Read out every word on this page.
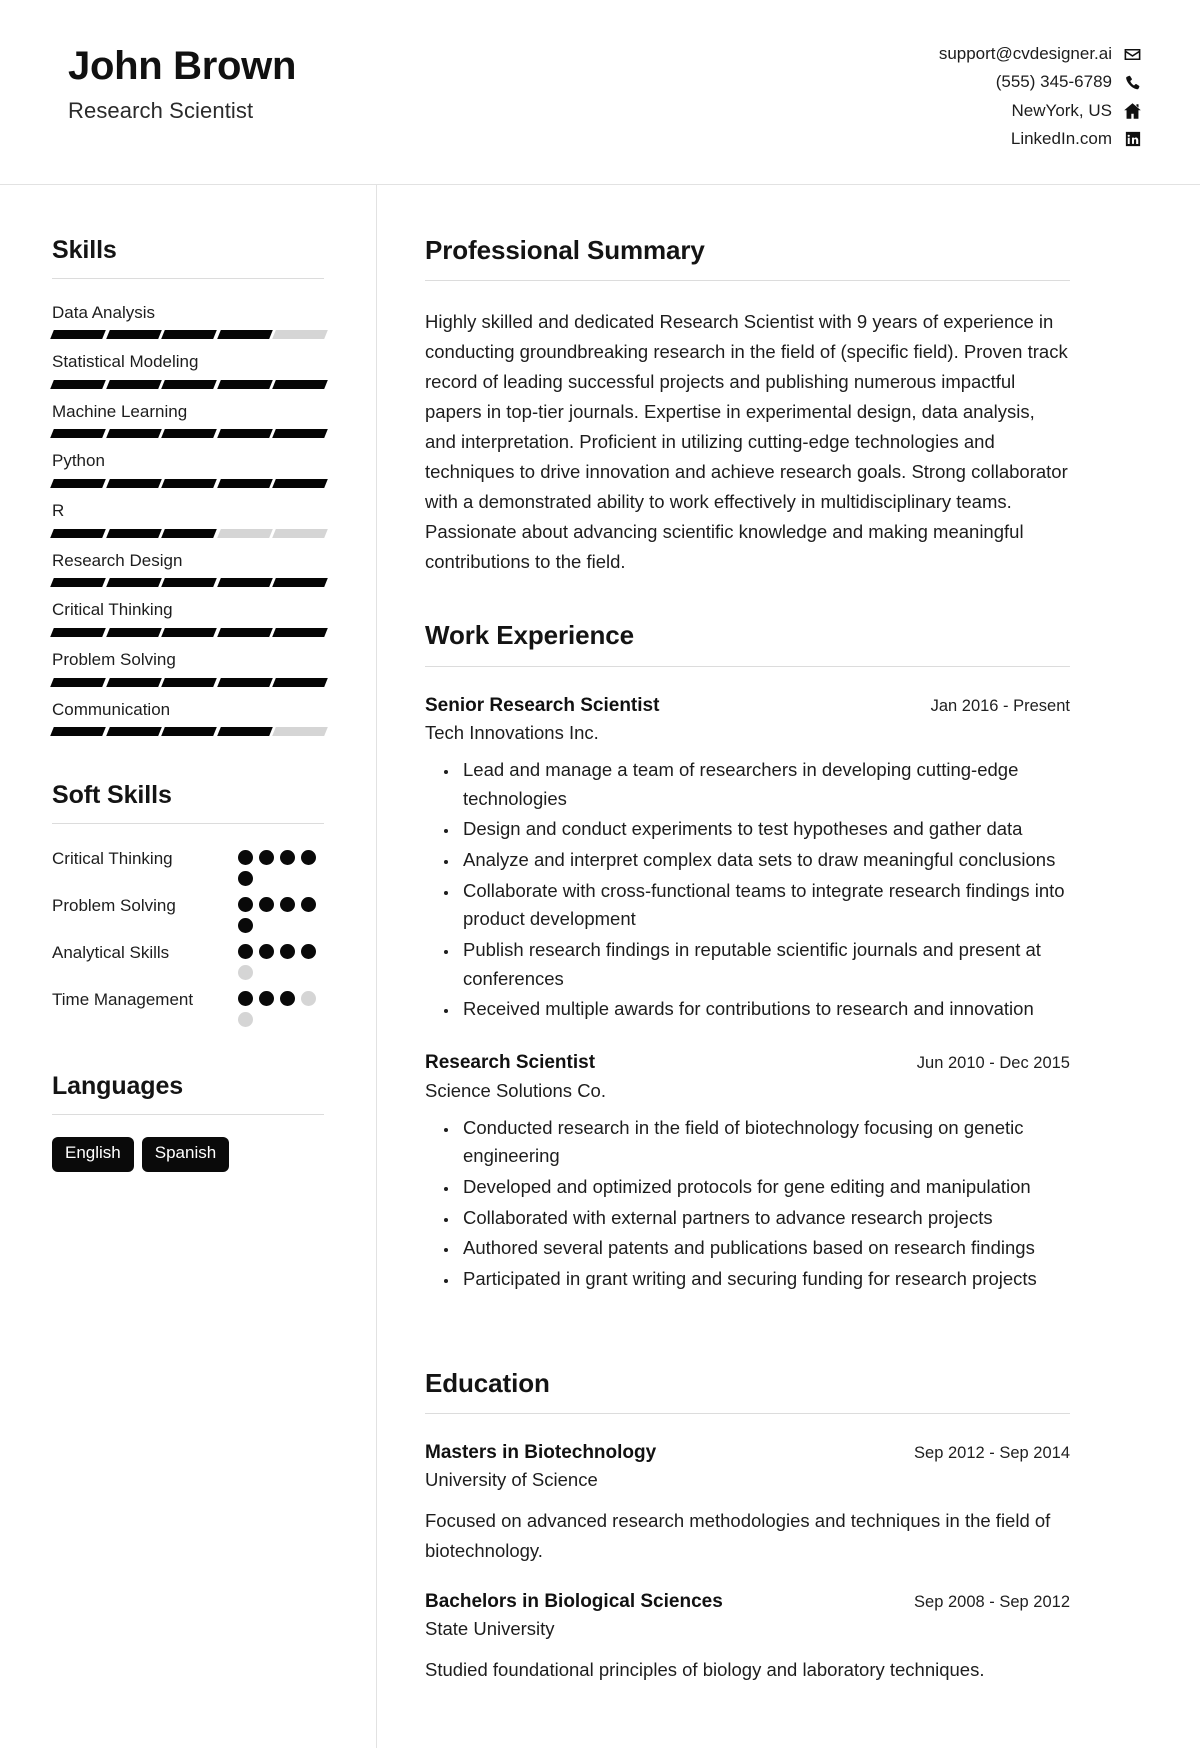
John Brown
Research Scientist
support@cvdesigner.ai
(555) 345-6789
NewYork, US
LinkedIn.com
Skills
Data Analysis
Statistical Modeling
Machine Learning
Python
R
Research Design
Critical Thinking
Problem Solving
Communication
Soft Skills
Critical Thinking
Problem Solving
Analytical Skills
Time Management
Languages
English	Spanish
Professional Summary

Highly skilled and dedicated Research Scientist with 9 years of experience in conducting groundbreaking research in the field of (specific field). Proven track record of leading successful projects and publishing numerous impactful papers in top-tier journals. Expertise in experimental design, data analysis, and interpretation. Proficient in utilizing cutting-edge technologies and techniques to drive innovation and achieve research goals. Strong collaborator with a demonstrated ability to work effectively in multidisciplinary teams. Passionate about advancing scientific knowledge and making meaningful contributions to the field.

Work Experience
Senior Research Scientist	Jan 2016 - Present
Tech Innovations Inc.
• Lead and manage a team of researchers in developing cutting-edge technologies
• Design and conduct experiments to test hypotheses and gather data
• Analyze and interpret complex data sets to draw meaningful conclusions
• Collaborate with cross-functional teams to integrate research findings into product development
• Publish research findings in reputable scientific journals and present at conferences
• Received multiple awards for contributions to research and innovation
Research Scientist	Jun 2010 - Dec 2015
Science Solutions Co.
• Conducted research in the field of biotechnology focusing on genetic engineering
• Developed and optimized protocols for gene editing and manipulation
• Collaborated with external partners to advance research projects
• Authored several patents and publications based on research findings
• Participated in grant writing and securing funding for research projects
Education
Masters in Biotechnology	Sep 2012 - Sep 2014
University of Science
Focused on advanced research methodologies and techniques in the field of biotechnology.
Bachelors in Biological Sciences	Sep 2008 - Sep 2012
State University
Studied foundational principles of biology and laboratory techniques.
